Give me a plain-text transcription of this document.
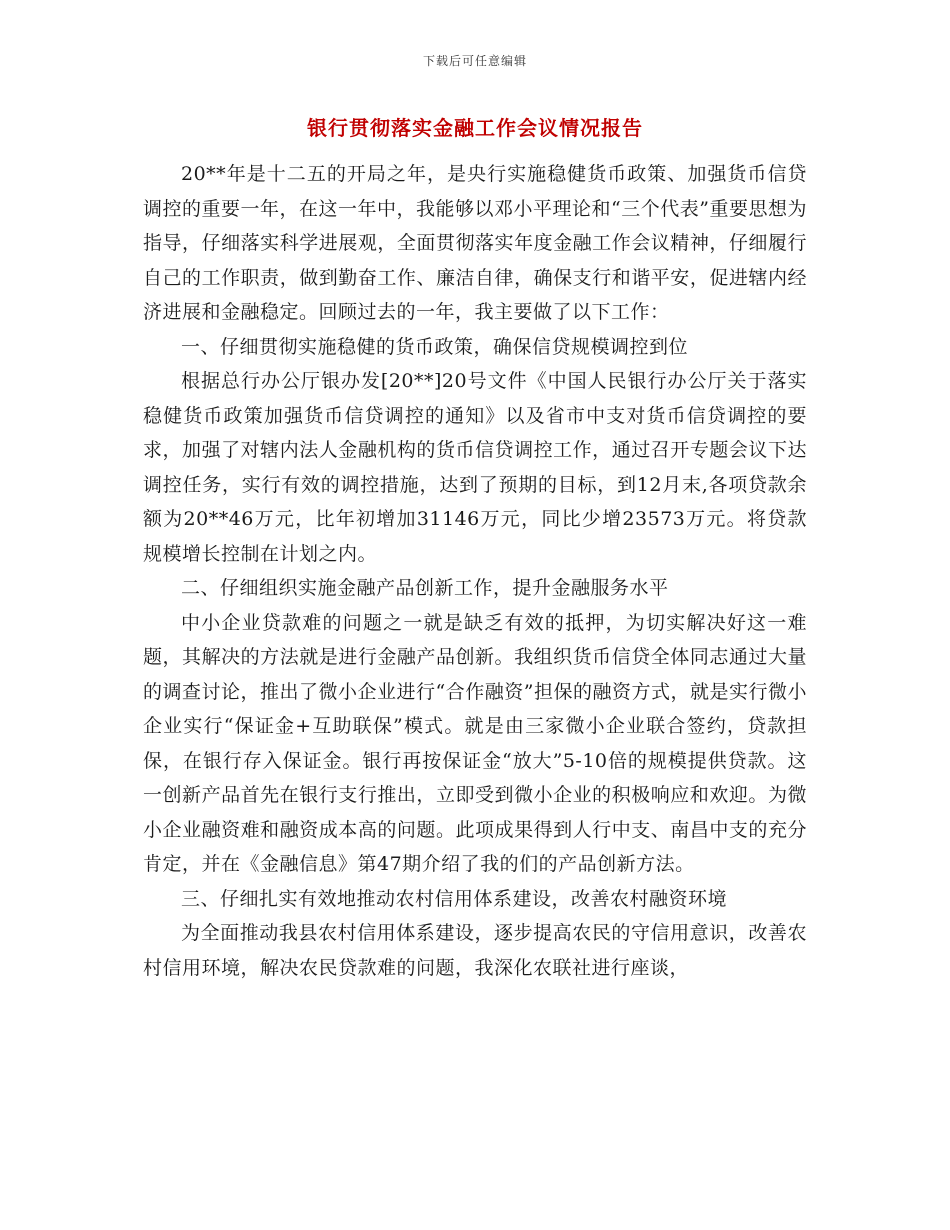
下载后可任意编辑
银行贯彻落实金融工作会议情况报告

20**年是十二五的开局之年，是央行实施稳健货币政策、加强货币信贷调控的重要一年，在这一年中，我能够以邓小平理论和“三个代表”重要思想为指导，仔细落实科学进展观，全面贯彻落实年度金融工作会议精神，仔细履行自己的工作职责，做到勤奋工作、廉洁自律，确保支行和谐平安，促进辖内经济进展和金融稳定。回顾过去的一年，我主要做了以下工作：

一、仔细贯彻实施稳健的货币政策，确保信贷规模调控到位

根据总行办公厅银办发[20**]20号文件《中国人民银行办公厅关于落实稳健货币政策加强货币信贷调控的通知》以及省市中支对货币信贷调控的要求，加强了对辖内法人金融机构的货币信贷调控工作，通过召开专题会议下达调控任务，实行有效的调控措施，达到了预期的目标，到12月末,各项贷款余额为20**46万元，比年初增加31146万元，同比少增23573万元。将贷款规模增长控制在计划之内。

二、仔细组织实施金融产品创新工作，提升金融服务水平

中小企业贷款难的问题之一就是缺乏有效的抵押，为切实解决好这一难题，其解决的方法就是进行金融产品创新。我组织货币信贷全体同志通过大量的调查讨论，推出了微小企业进行“合作融资”担保的融资方式，就是实行微小企业实行“保证金+互助联保”模式。就是由三家微小企业联合签约，贷款担保，在银行存入保证金。银行再按保证金“放大”5-10倍的规模提供贷款。这一创新产品首先在银行支行推出，立即受到微小企业的积极响应和欢迎。为微小企业融资难和融资成本高的问题。此项成果得到人行中支、南昌中支的充分肯定，并在《金融信息》第47期介绍了我的们的产品创新方法。

三、仔细扎实有效地推动农村信用体系建设，改善农村融资环境

为全面推动我县农村信用体系建设，逐步提高农民的守信用意识，改善农村信用环境，解决农民贷款难的问题，我深化农联社进行座谈，
